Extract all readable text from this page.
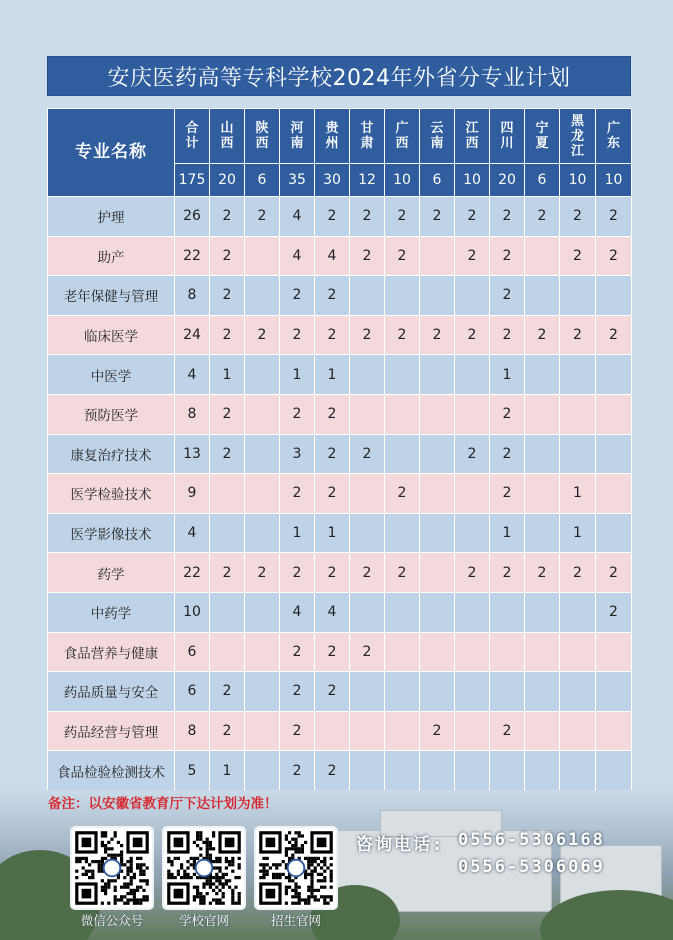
安庆医药高等专科学校2024年外省分专业计划
专业名称	合计	山西	陕西	河南	贵州	甘肃	广西	云南	江西	四川	宁夏	黑龙江	广东
	175	20	6	35	30	12	10	6	10	20	6	10	10
护理	26	2	2	4	2	2	2	2	2	2	2	2	2
助产	22	2		4	4	2	2		2	2		2	2
老年保健与管理	8	2		2	2					2			
临床医学	24	2	2	2	2	2	2	2	2	2	2	2	2
中医学	4	1		1	1					1			
预防医学	8	2		2	2					2			
康复治疗技术	13	2		3	2	2			2	2			
医学检验技术	9			2	2		2			2		1	
医学影像技术	4			1	1					1		1	
药学	22	2	2	2	2	2	2		2	2	2	2	2
中药学	10			4	4								2
食品营养与健康	6			2	2	2							
药品质量与安全	6	2		2	2								
药品经营与管理	8	2		2				2		2			
食品检验检测技术	5	1		2	2								
备注：以安徽省教育厅下达计划为准！
微信公众号	学校官网	招生官网
咨询电话: 0556-5306168
0556-5306069
